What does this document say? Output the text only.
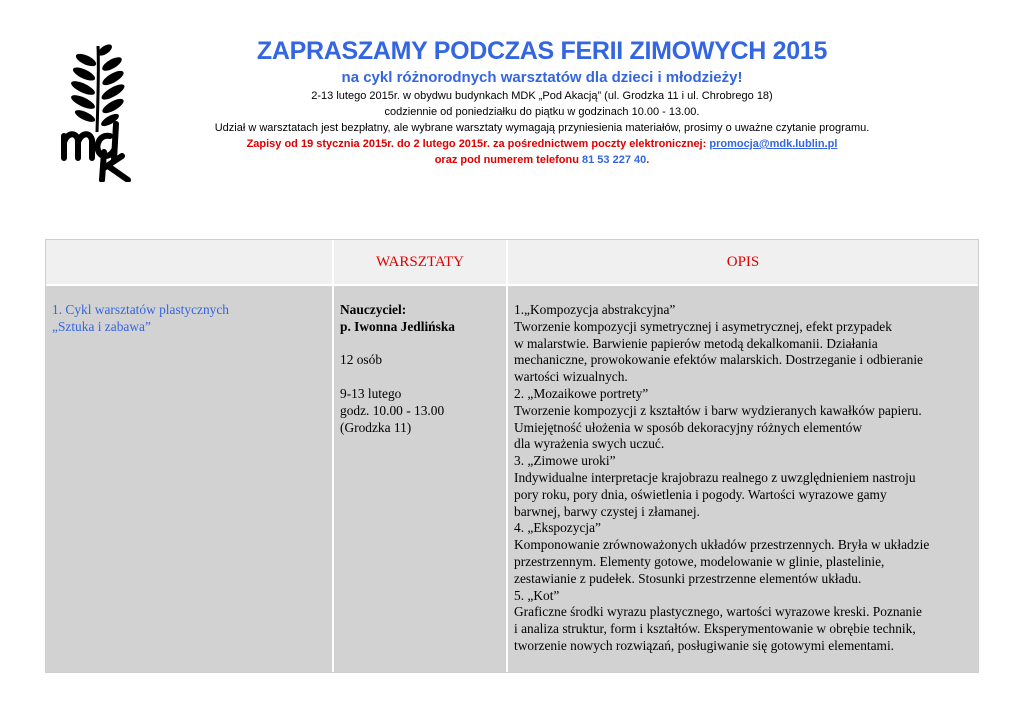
ZAPRASZAMY PODCZAS FERII ZIMOWYCH 2015
na cykl różnorodnych warsztatów dla dzieci i młodzieży!
2-13 lutego 2015r. w obydwu budynkach MDK „Pod Akacją” (ul. Grodzka 11 i ul. Chrobrego 18)
codziennie od poniedziałku do piątku w godzinach 10.00 - 13.00.
Udział w warsztatach jest bezpłatny, ale wybrane warsztaty wymagają przyniesienia materiałów, prosimy o uważne czytanie programu.
Zapisy od 19 stycznia 2015r. do 2 lutego 2015r. za pośrednictwem poczty elektronicznej: promocja@mdk.lublin.pl
oraz pod numerem telefonu 81 53 227 40.
1. Cykl warsztatów plastycznych
„Sztuka i zabawa”
WARSZTATY
Nauczyciel:
p. Iwonna Jedlińska
12 osób
9-13 lutego
godz. 10.00 - 13.00
(Grodzka 11)
OPIS
1.„Kompozycja abstrakcyjna”
Tworzenie kompozycji symetrycznej i asymetrycznej, efekt przypadek
w malarstwie. Barwienie papierów metodą dekalkomanii. Działania
mechaniczne, prowokowanie efektów malarskich. Dostrzeganie i odbieranie
wartości wizualnych.
2. „Mozaikowe portrety”
Tworzenie kompozycji z kształtów i barw wydzieranych kawałków papieru.
Umiejętność ułożenia w sposób dekoracyjny różnych elementów
dla wyrażenia swych uczuć.
3. „Zimowe uroki”
Indywidualne interpretacje krajobrazu realnego z uwzględnieniem nastroju
pory roku, pory dnia, oświetlenia i pogody. Wartości wyrazowe gamy
barwnej, barwy czystej i złamanej.
4. „Ekspozycja”
Komponowanie zrównoważonych układów przestrzennych. Bryła w układzie
przestrzennym. Elementy gotowe, modelowanie w glinie, plastelinie,
zestawianie z pudełek. Stosunki przestrzenne elementów układu.
5. „Kot”
Graficzne środki wyrazu plastycznego, wartości wyrazowe kreski. Poznanie
i analiza struktur, form i kształtów. Eksperymentowanie w obrębie technik,
tworzenie nowych rozwiązań, posługiwanie się gotowymi elementami.
